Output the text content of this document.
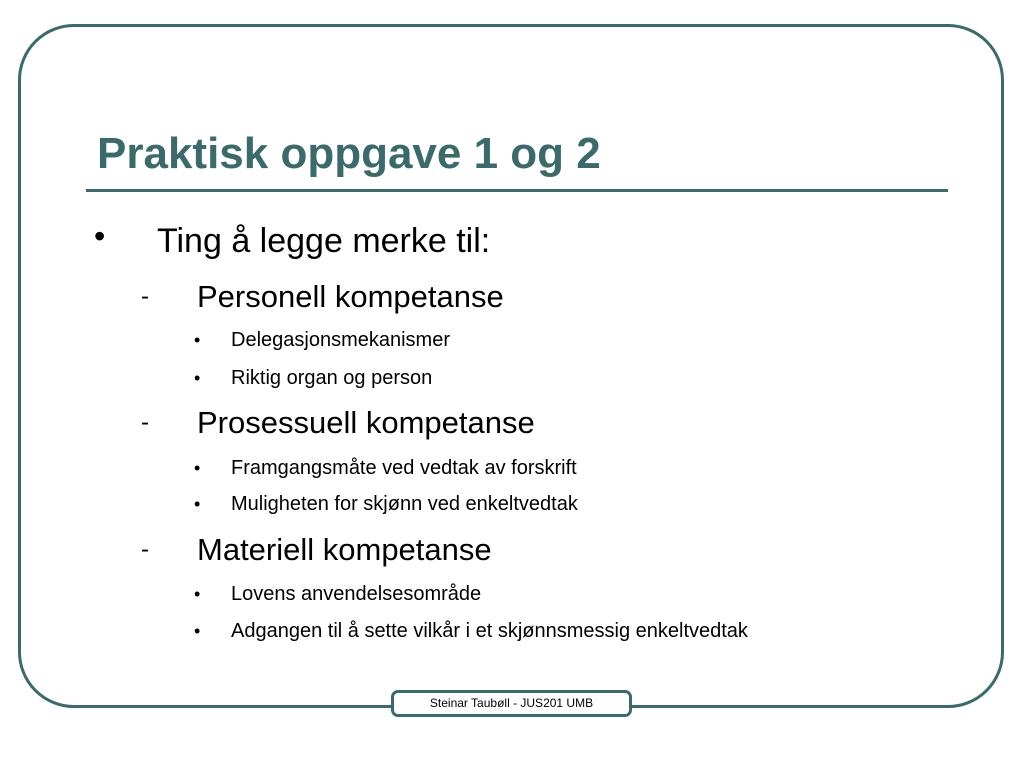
Praktisk oppgave 1 og 2
• Ting å legge merke til:
- Personell kompetanse
• Delegasjonsmekanismer
• Riktig organ og person
- Prosessuell kompetanse
• Framgangsmåte ved vedtak av forskrift
• Muligheten for skjønn ved enkeltvedtak
- Materiell kompetanse
• Lovens anvendelsesområde
• Adgangen til å sette vilkår i et skjønnsmessig enkeltvedtak
Steinar Taubøll - JUS201 UMB
